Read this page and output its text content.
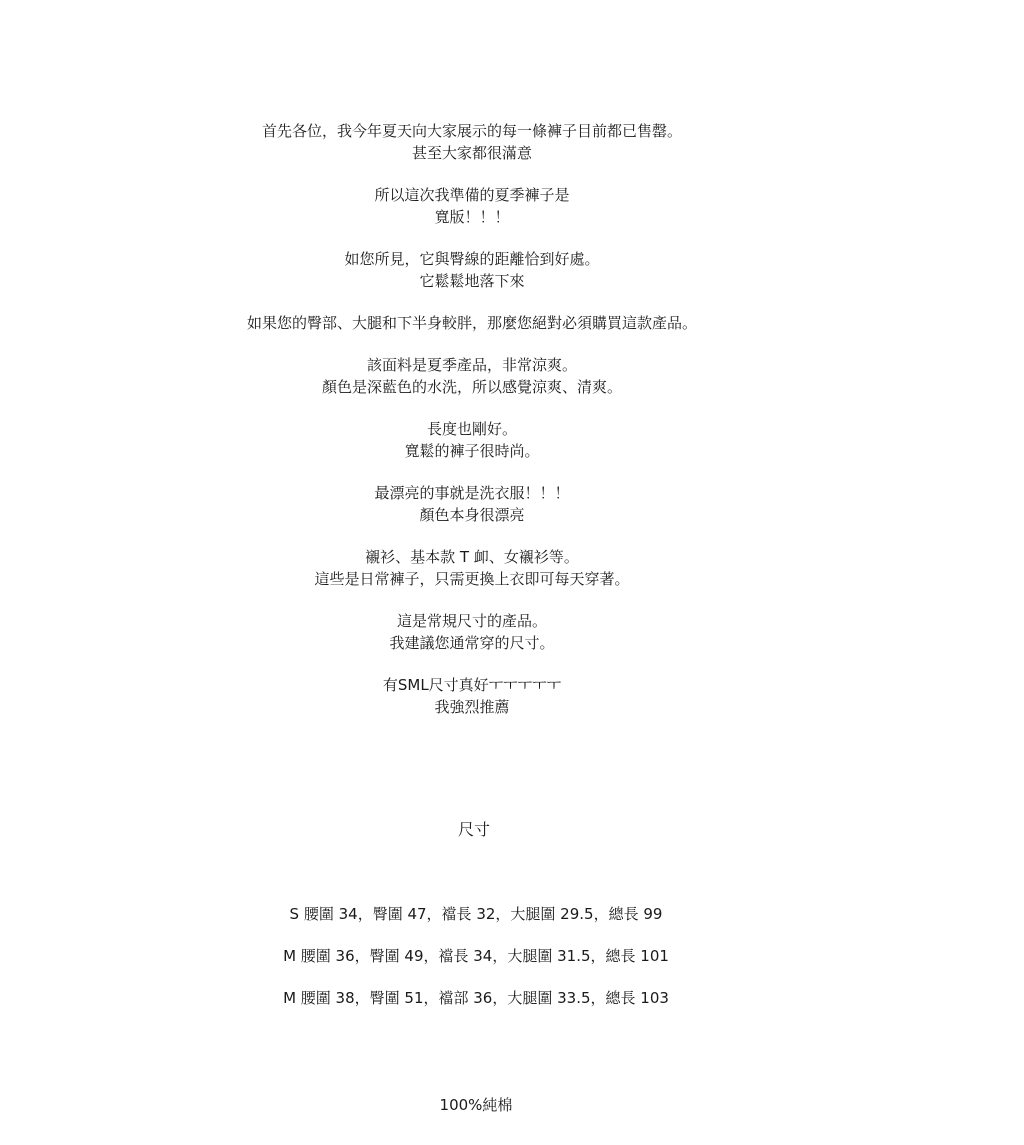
首先各位，我今年夏天向大家展示的每一條褲子目前都已售罄。
甚至大家都很滿意
所以這次我準備的夏季褲子是
寬版！！！
如您所見，它與臀線的距離恰到好處。
它鬆鬆地落下來
如果您的臀部、大腿和下半身較胖，那麼您絕對必須購買這款產品。
該面料是夏季產品，非常涼爽。
顏色是深藍色的水洗，所以感覺涼爽、清爽。
長度也剛好。
寬鬆的褲子很時尚。
最漂亮的事就是洗衣服！！！
顏色本身很漂亮
襯衫、基本款 T 卹、女襯衫等。
這些是日常褲子，只需更換上衣即可每天穿著。
這是常規尺寸的產品。
我建議您通常穿的尺寸。
有SML尺寸真好ㅜㅜㅜㅜㅜ
我強烈推薦
尺寸
S 腰圍 34，臀圍 47，襠長 32，大腿圍 29.5，總長 99
M 腰圍 36，臀圍 49，襠長 34，大腿圍 31.5，總長 101
M 腰圍 38，臀圍 51，襠部 36，大腿圍 33.5，總長 103
100%純棉
